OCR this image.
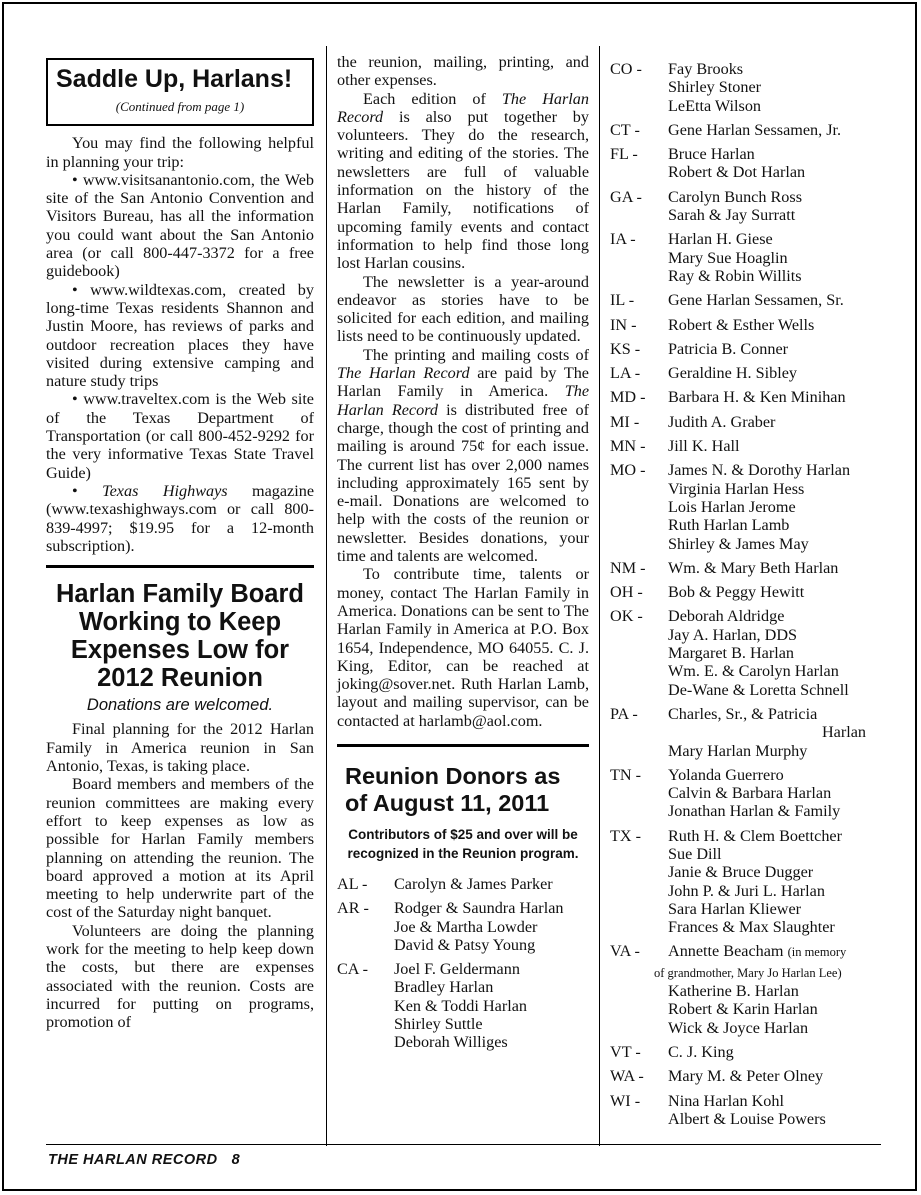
Saddle Up, Harlans!
(Continued from page 1)

You may find the following helpful in planning your trip:

• www.visitsanantonio.com, the Web site of the San Antonio Convention and Visitors Bureau, has all the information you could want about the San Antonio area (or call 800-447-3372 for a free guidebook)

• www.wildtexas.com, created by long-time Texas residents Shannon and Justin Moore, has reviews of parks and outdoor recreation places they have visited during extensive camping and nature study trips

• www.traveltex.com is the Web site of the Texas Department of Transportation (or call 800-452-9292 for the very informative Texas State Travel Guide)

• Texas Highways magazine (www.texashighways.com or call 800-839-4997; $19.95 for a 12-month subscription).

Harlan Family Board Working to Keep Expenses Low for 2012 Reunion
Donations are welcomed.

Final planning for the 2012 Harlan Family in America reunion in San Antonio, Texas, is taking place.

Board members and members of the reunion committees are making every effort to keep expenses as low as possible for Harlan Family members planning on attending the reunion. The board approved a motion at its April meeting to help underwrite part of the cost of the Saturday night banquet.

Volunteers are doing the planning work for the meeting to help keep down the costs, but there are expenses associated with the reunion. Costs are incurred for putting on programs, promotion of

the reunion, mailing, printing, and other expenses.

Each edition of The Harlan Record is also put together by volunteers. They do the research, writing and editing of the stories. The newsletters are full of valuable information on the history of the Harlan Family, notifications of upcoming family events and contact information to help find those long lost Harlan cousins.

The newsletter is a year-around endeavor as stories have to be solicited for each edition, and mailing lists need to be continuously updated.

The printing and mailing costs of The Harlan Record are paid by The Harlan Family in America. The Harlan Record is distributed free of charge, though the cost of printing and mailing is around 75¢ for each issue. The current list has over 2,000 names including approximately 165 sent by e-mail. Donations are welcomed to help with the costs of the reunion or newsletter. Besides donations, your time and talents are welcomed.

To contribute time, talents or money, contact The Harlan Family in America. Donations can be sent to The Harlan Family in America at P.O. Box 1654, Independence, MO 64055. C. J. King, Editor, can be reached at joking@sover.net. Ruth Harlan Lamb, layout and mailing supervisor, can be contacted at harlamb@aol.com.

Reunion Donors as of August 11, 2011
Contributors of $25 and over will be recognized in the Reunion program.
AL -	Carolyn & James Parker
AR -	Rodger & Saundra Harlan
Joe & Martha Lowder
David & Patsy Young
CA -	Joel F. Geldermann
Bradley Harlan
Ken & Toddi Harlan
Shirley Suttle
Deborah Williges
CO -	Fay Brooks
Shirley Stoner
LeEtta Wilson
CT -	Gene Harlan Sessamen, Jr.
FL -	Bruce Harlan
Robert & Dot Harlan
GA -	Carolyn Bunch Ross
Sarah & Jay Surratt
IA -	Harlan H. Giese
Mary Sue Hoaglin
Ray & Robin Willits
IL -	Gene Harlan Sessamen, Sr.
IN -	Robert & Esther Wells
KS -	Patricia B. Conner
LA -	Geraldine H. Sibley
MD -	Barbara H. & Ken Minihan
MI -	Judith A. Graber
MN -	Jill K. Hall
MO -	James N. & Dorothy Harlan
Virginia Harlan Hess
Lois Harlan Jerome
Ruth Harlan Lamb
Shirley & James May
NM -	Wm. & Mary Beth Harlan
OH -	Bob & Peggy Hewitt
OK -	Deborah Aldridge
Jay A. Harlan, DDS
Margaret B. Harlan
Wm. E. & Carolyn Harlan
De-Wane & Loretta Schnell
PA -	Charles, Sr., & Patricia
Harlan
Mary Harlan Murphy
TN -	Yolanda Guerrero
Calvin & Barbara Harlan
Jonathan Harlan & Family
TX -	Ruth H. & Clem Boettcher
Sue Dill
Janie & Bruce Dugger
John P. & Juri L. Harlan
Sara Harlan Kliewer
Frances & Max Slaughter
VA -	Annette Beacham (in memory
of grandmother, Mary Jo Harlan Lee)
Katherine B. Harlan
Robert & Karin Harlan
Wick & Joyce Harlan
VT -	C. J. King
WA -	Mary M. & Peter Olney
WI -	Nina Harlan Kohl
Albert & Louise Powers
THE HARLAN RECORD 8
